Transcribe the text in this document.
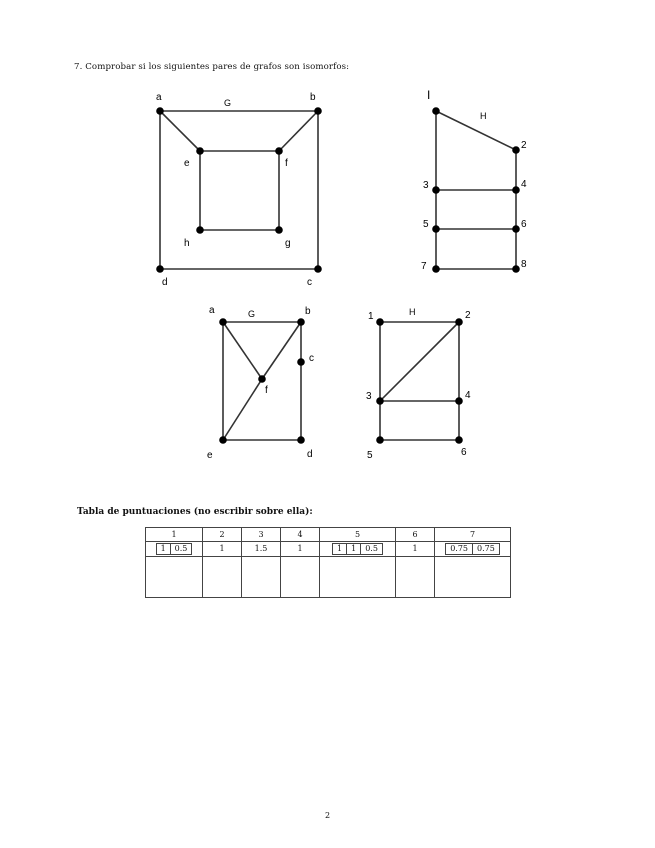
7. Comprobar si los siguientes pares de grafos son isomorfos:
G
a	b
c
d
e	f
g
h
H
I
2
3	4
5	6
7	8
G
a	b
c
d
e
f
H
1	2
3	4
5	6
Tabla de puntuaciones (no escribir sobre ella):
1	2	3	4	5	6	7

1 0.5	1	1.5	1	1 1 0.5	1	0.75 0.75

2
